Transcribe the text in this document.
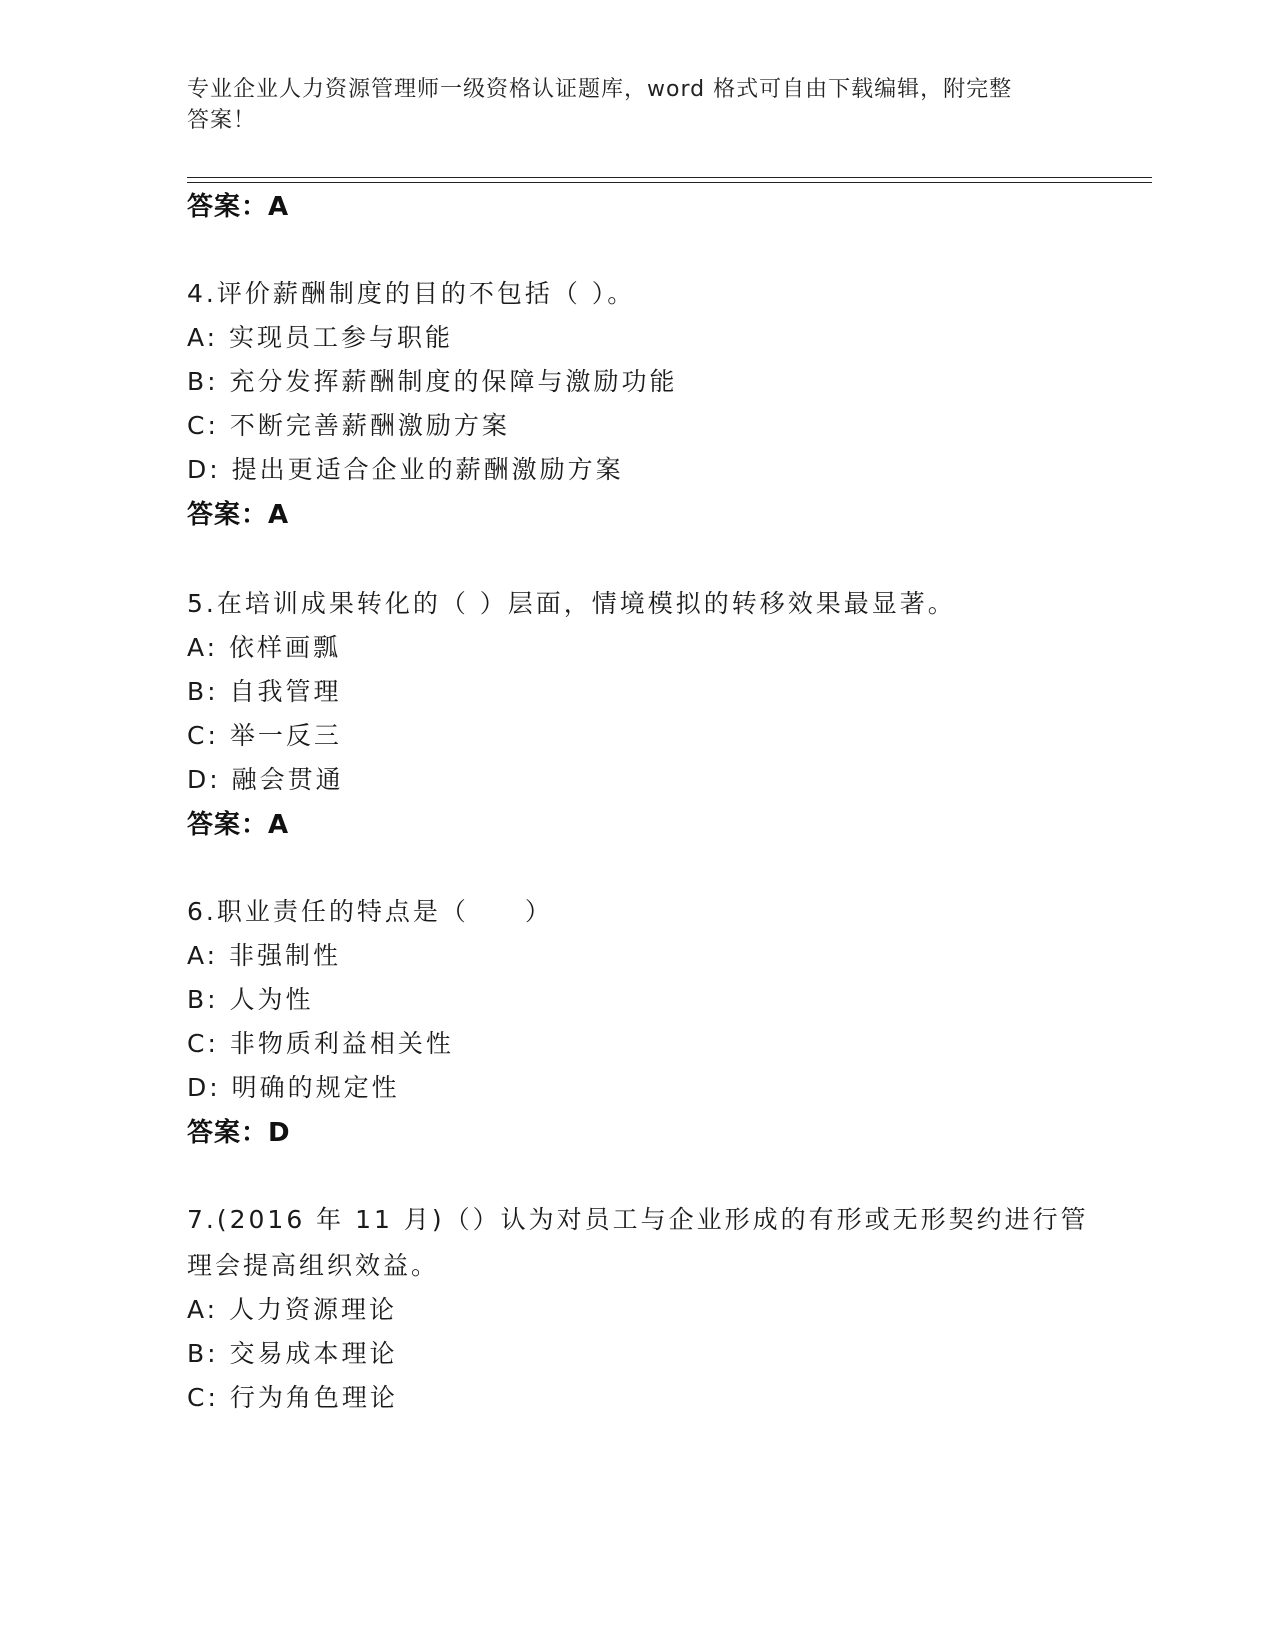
专业企业人力资源管理师一级资格认证题库，word 格式可自由下载编辑，附完整
答案！
答案：A
4.评价薪酬制度的目的不包括（ ）。
A: 实现员工参与职能
B: 充分发挥薪酬制度的保障与激励功能
C: 不断完善薪酬激励方案
D: 提出更适合企业的薪酬激励方案
答案：A
5.在培训成果转化的（ ）层面，情境模拟的转移效果最显著。
A: 依样画瓢
B: 自我管理
C: 举一反三
D: 融会贯通
答案：A
6.职业责任的特点是（　　）
A: 非强制性
B: 人为性
C: 非物质利益相关性
D: 明确的规定性
答案：D
7.(2016 年 11 月)（）认为对员工与企业形成的有形或无形契约进行管
理会提高组织效益。
A: 人力资源理论
B: 交易成本理论
C: 行为角色理论
